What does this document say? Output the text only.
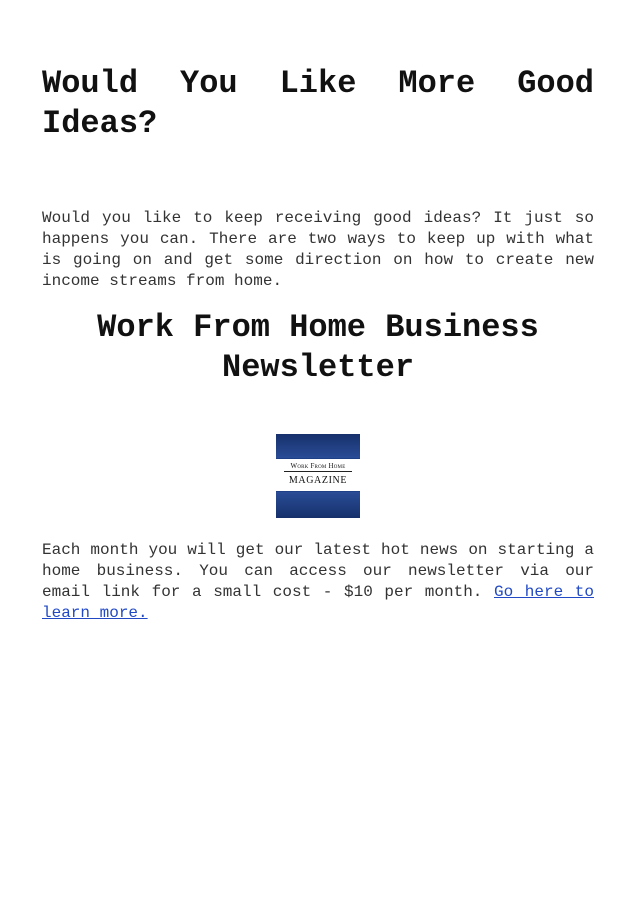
Would You Like More Good Ideas?

Would you like to keep receiving good ideas? It just so happens you can. There are two ways to keep up with what is going on and get some direction on how to create new income streams from home.

Work From Home Business
Newsletter
Work From Home
MAGAZINE

Each month you will get our latest hot news on starting a home business. You can access our newsletter via our email link for a small cost - $10 per month. Go here to learn more.
